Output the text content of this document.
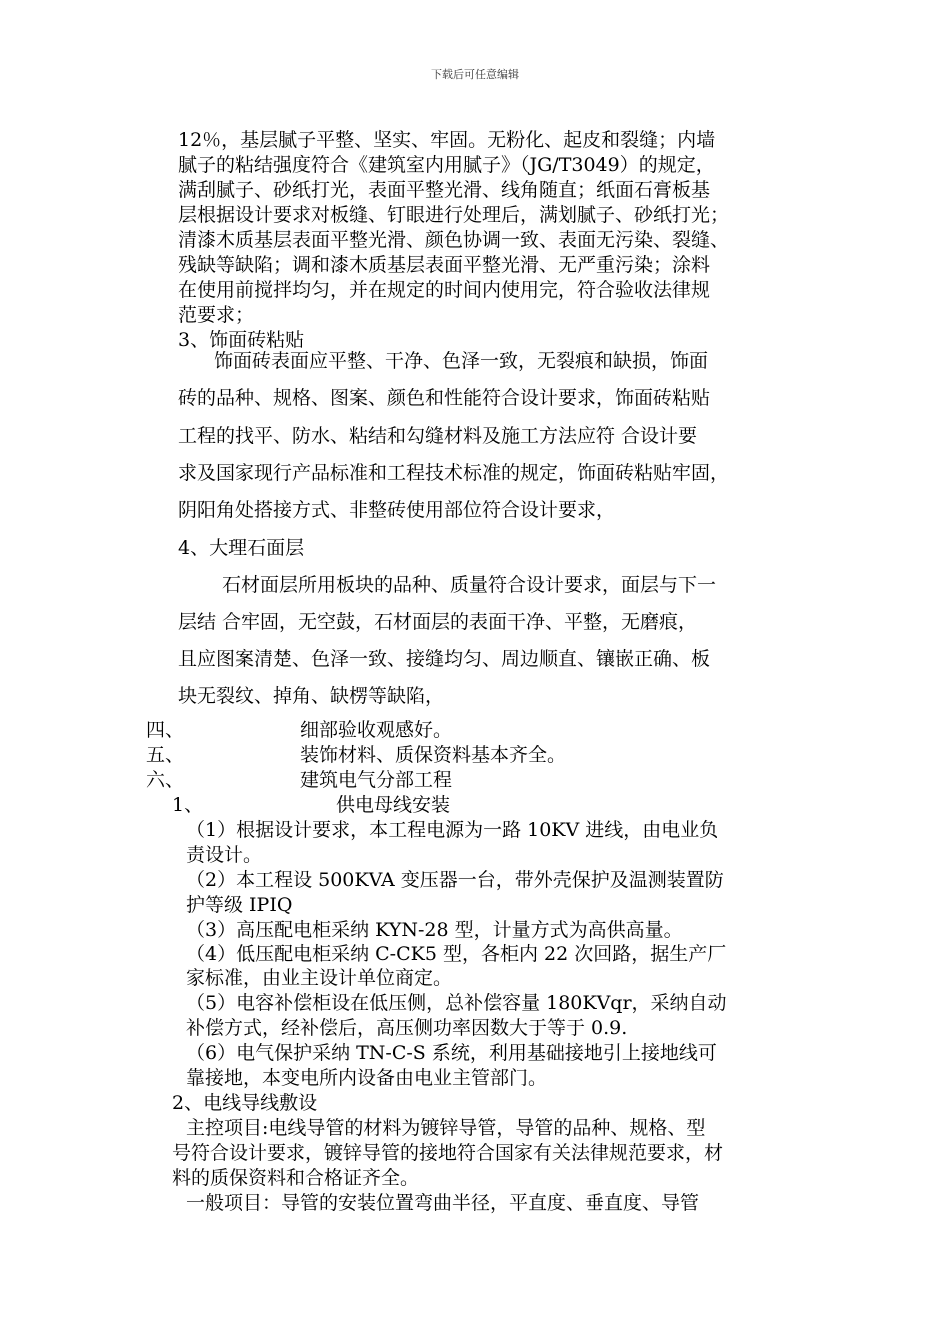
下载后可任意编辑
12％，基层腻子平整、坚实、牢固。无粉化、起皮和裂缝；内墙
腻子的粘结强度符合《建筑室内用腻子》（JG/T3049）的规定，
满刮腻子、砂纸打光，表面平整光滑、线角随直；纸面石膏板基
层根据设计要求对板缝、钉眼进行处理后，满划腻子、砂纸打光；
清漆木质基层表面平整光滑、颜色协调一致、表面无污染、裂缝、
残缺等缺陷；调和漆木质基层表面平整光滑、无严重污染；涂料
在使用前搅拌均匀，并在规定的时间内使用完，符合验收法律规
范要求；
3、饰面砖粘贴
饰面砖表面应平整、干净、色泽一致，无裂痕和缺损，饰面
砖的品种、规格、图案、颜色和性能符合设计要求，饰面砖粘贴
工程的找平、防水、粘结和勾缝材料及施工方法应符 合设计要
求及国家现行产品标准和工程技术标准的规定，饰面砖粘贴牢固，
阴阳角处搭接方式、非整砖使用部位符合设计要求，
4、大理石面层
石材面层所用板块的品种、质量符合设计要求，面层与下一
层结 合牢固，无空鼓，石材面层的表面干净、平整，无磨痕，
且应图案清楚、色泽一致、接缝均匀、周边顺直、镶嵌正确、板
块无裂纹、掉角、缺楞等缺陷，
四、	细部验收观感好。
五、	装饰材料、质保资料基本齐全。
六、	建筑电气分部工程
1、	供电母线安装
（1）根据设计要求，本工程电源为一路 10KV 进线，由电业负
责设计。
（2）本工程设 500KVA 变压器一台，带外壳保护及温测装置防
护等级 IPIQ
（3）高压配电柜采纳 KYN-28 型，计量方式为高供高量。
（4）低压配电柜采纳 C-CK5 型，各柜内 22 次回路，据生产厂
家标准，由业主设计单位商定。
（5）电容补偿柜设在低压侧，总补偿容量 180KVqr，采纳自动
补偿方式，经补偿后，高压侧功率因数大于等于 0.9.
（6）电气保护采纳 TN-C-S 系统，利用基础接地引上接地线可
靠接地，本变电所内设备由电业主管部门。
2、电线导线敷设
主控项目:电线导管的材料为镀锌导管，导管的品种、规格、型
号符合设计要求，镀锌导管的接地符合国家有关法律规范要求，材
料的质保资料和合格证齐全。
一般项目：导管的安装位置弯曲半径，平直度、垂直度、导管
